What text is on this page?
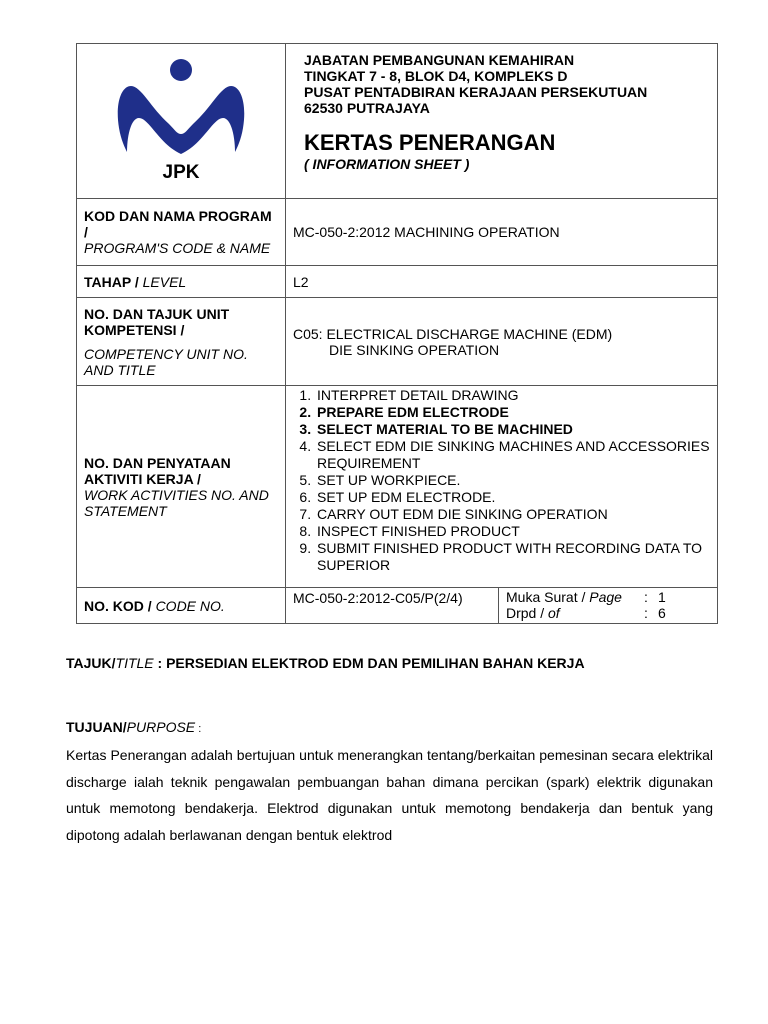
JPK

JABATAN PEMBANGUNAN KEMAHIRAN
TINGKAT 7 - 8, BLOK D4, KOMPLEKS D
PUSAT PENTADBIRAN KERAJAAN PERSEKUTUAN
62530 PUTRAJAYA
KERTAS PENERANGAN
( INFORMATION SHEET )

KOD DAN NAMA PROGRAM /
PROGRAM'S CODE & NAME
	MC-050-2:2012 MACHINING OPERATION
TAHAP / LEVEL	L2

NO. DAN TAJUK UNIT KOMPETENSI /
COMPETENCY UNIT NO. AND TITLE

C05: ELECTRICAL DISCHARGE MACHINE (EDM)
DIE SINKING OPERATION

NO. DAN PENYATAAN AKTIVITI KERJA /
WORK ACTIVITIES NO. AND STATEMENT

1. INTERPRET DETAIL DRAWING
2. PREPARE EDM ELECTRODE
3. SELECT MATERIAL TO BE MACHINED
4. SELECT EDM DIE SINKING MACHINES AND ACCESSORIES REQUIREMENT
5. SET UP WORKPIECE.
6. SET UP EDM ELECTRODE.
7. CARRY OUT EDM DIE SINKING OPERATION
8. INSPECT FINISHED PRODUCT
9. SUBMIT FINISHED PRODUCT WITH RECORDING DATA TO SUPERIOR

NO. KOD / CODE NO.	MC-050-2:2012-C05/P(2/4)		Muka Surat / Page	:	1
Drpd / of	:	6
TAJUK/TITLE : PERSEDIAN ELEKTROD EDM DAN PEMILIHAN BAHAN KERJA
TUJUAN/PURPOSE :
Kertas Penerangan adalah bertujuan untuk menerangkan tentang/berkaitan pemesinan secara elektrikal discharge ialah teknik pengawalan pembuangan bahan dimana percikan (spark) elektrik digunakan untuk memotong bendakerja. Elektrod digunakan untuk memotong bendakerja dan bentuk yang dipotong adalah berlawanan dengan bentuk elektrod
